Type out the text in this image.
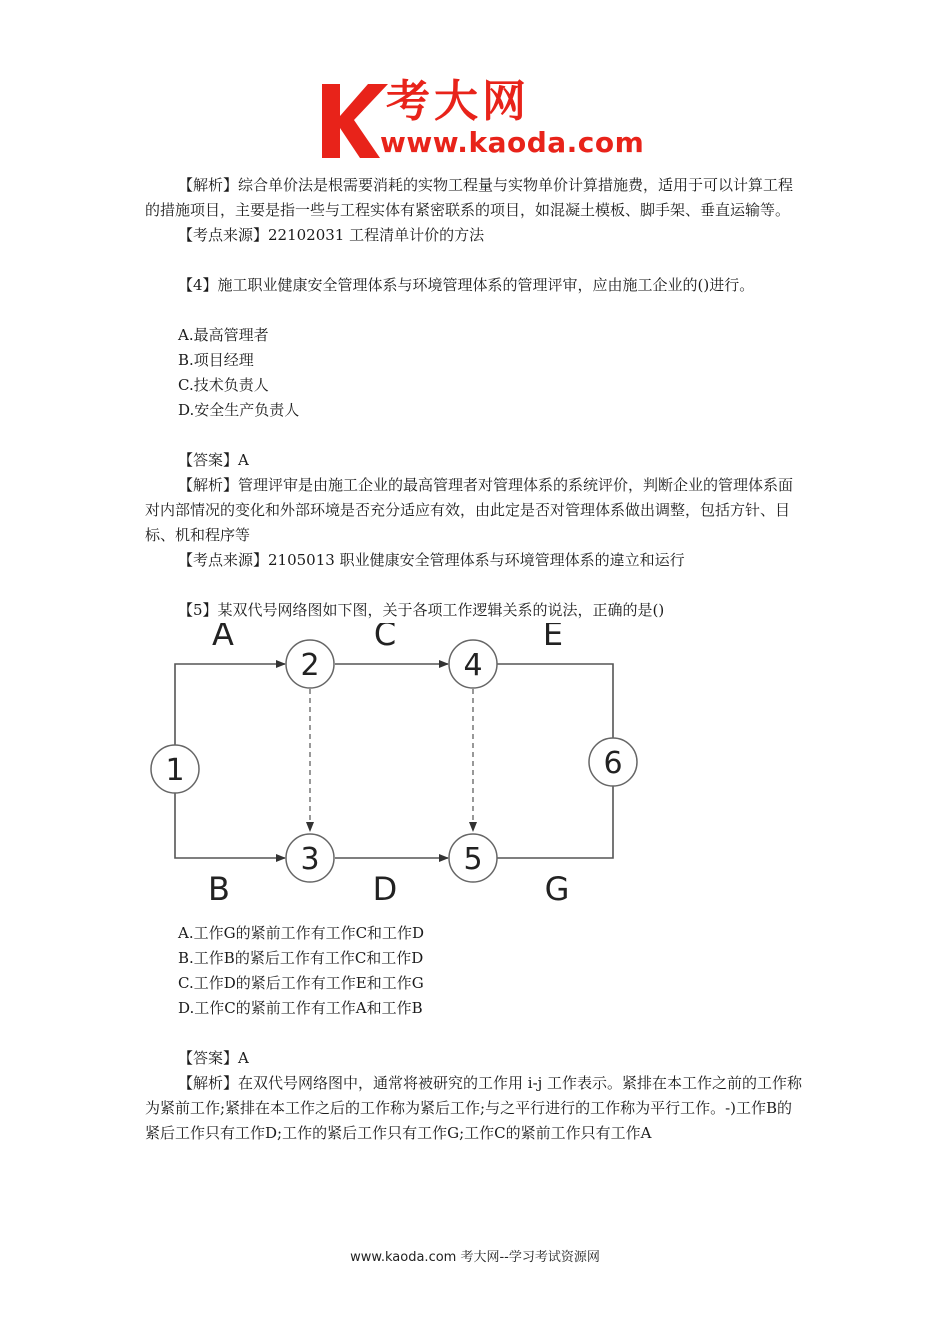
考大网
www.kaoda.com

【解析】综合单价法是根需要消耗的实物工程量与实物单价计算措施费，适用于可以计算工程的措施项目，主要是指一些与工程实体有紧密联系的项目，如混凝土模板、脚手架、垂直运输等。

【考点来源】22102031 工程清单计价的方法

【4】施工职业健康安全管理体系与环境管理体系的管理评审，应由施工企业的()进行。

A.最高管理者

B.项目经理

C.技术负责人

D.安全生产负责人

【答案】A

【解析】管理评审是由施工企业的最高管理者对管理体系的系统评价，判断企业的管理体系面对内部情况的变化和外部环境是否充分适应有效，由此定是否对管理体系做出调整，包括方针、目标、机和程序等

【考点来源】2105013 职业健康安全管理体系与环境管理体系的違立和运行

【5】某双代号网络图如下图，关于各项工作逻辑关系的说法，正确的是()

1
2
3
4
5
6
A
B
C
D
E
G

A.工作G的紧前工作有工作C和工作D

B.工作B的紧后工作有工作C和工作D

C.工作D的紧后工作有工作E和工作G

D.工作C的紧前工作有工作A和工作B

【答案】A

【解析】在双代号网络图中，通常将被研究的工作用 i-j 工作表示。紧排在本工作之前的工作称为紧前工作;紧排在本工作之后的工作称为紧后工作;与之平行进行的工作称为平行工作。-)工作B的紧后工作只有工作D;工作的紧后工作只有工作G;工作C的紧前工作只有工作A

www.kaoda.com 考大网--学习考试资源网
